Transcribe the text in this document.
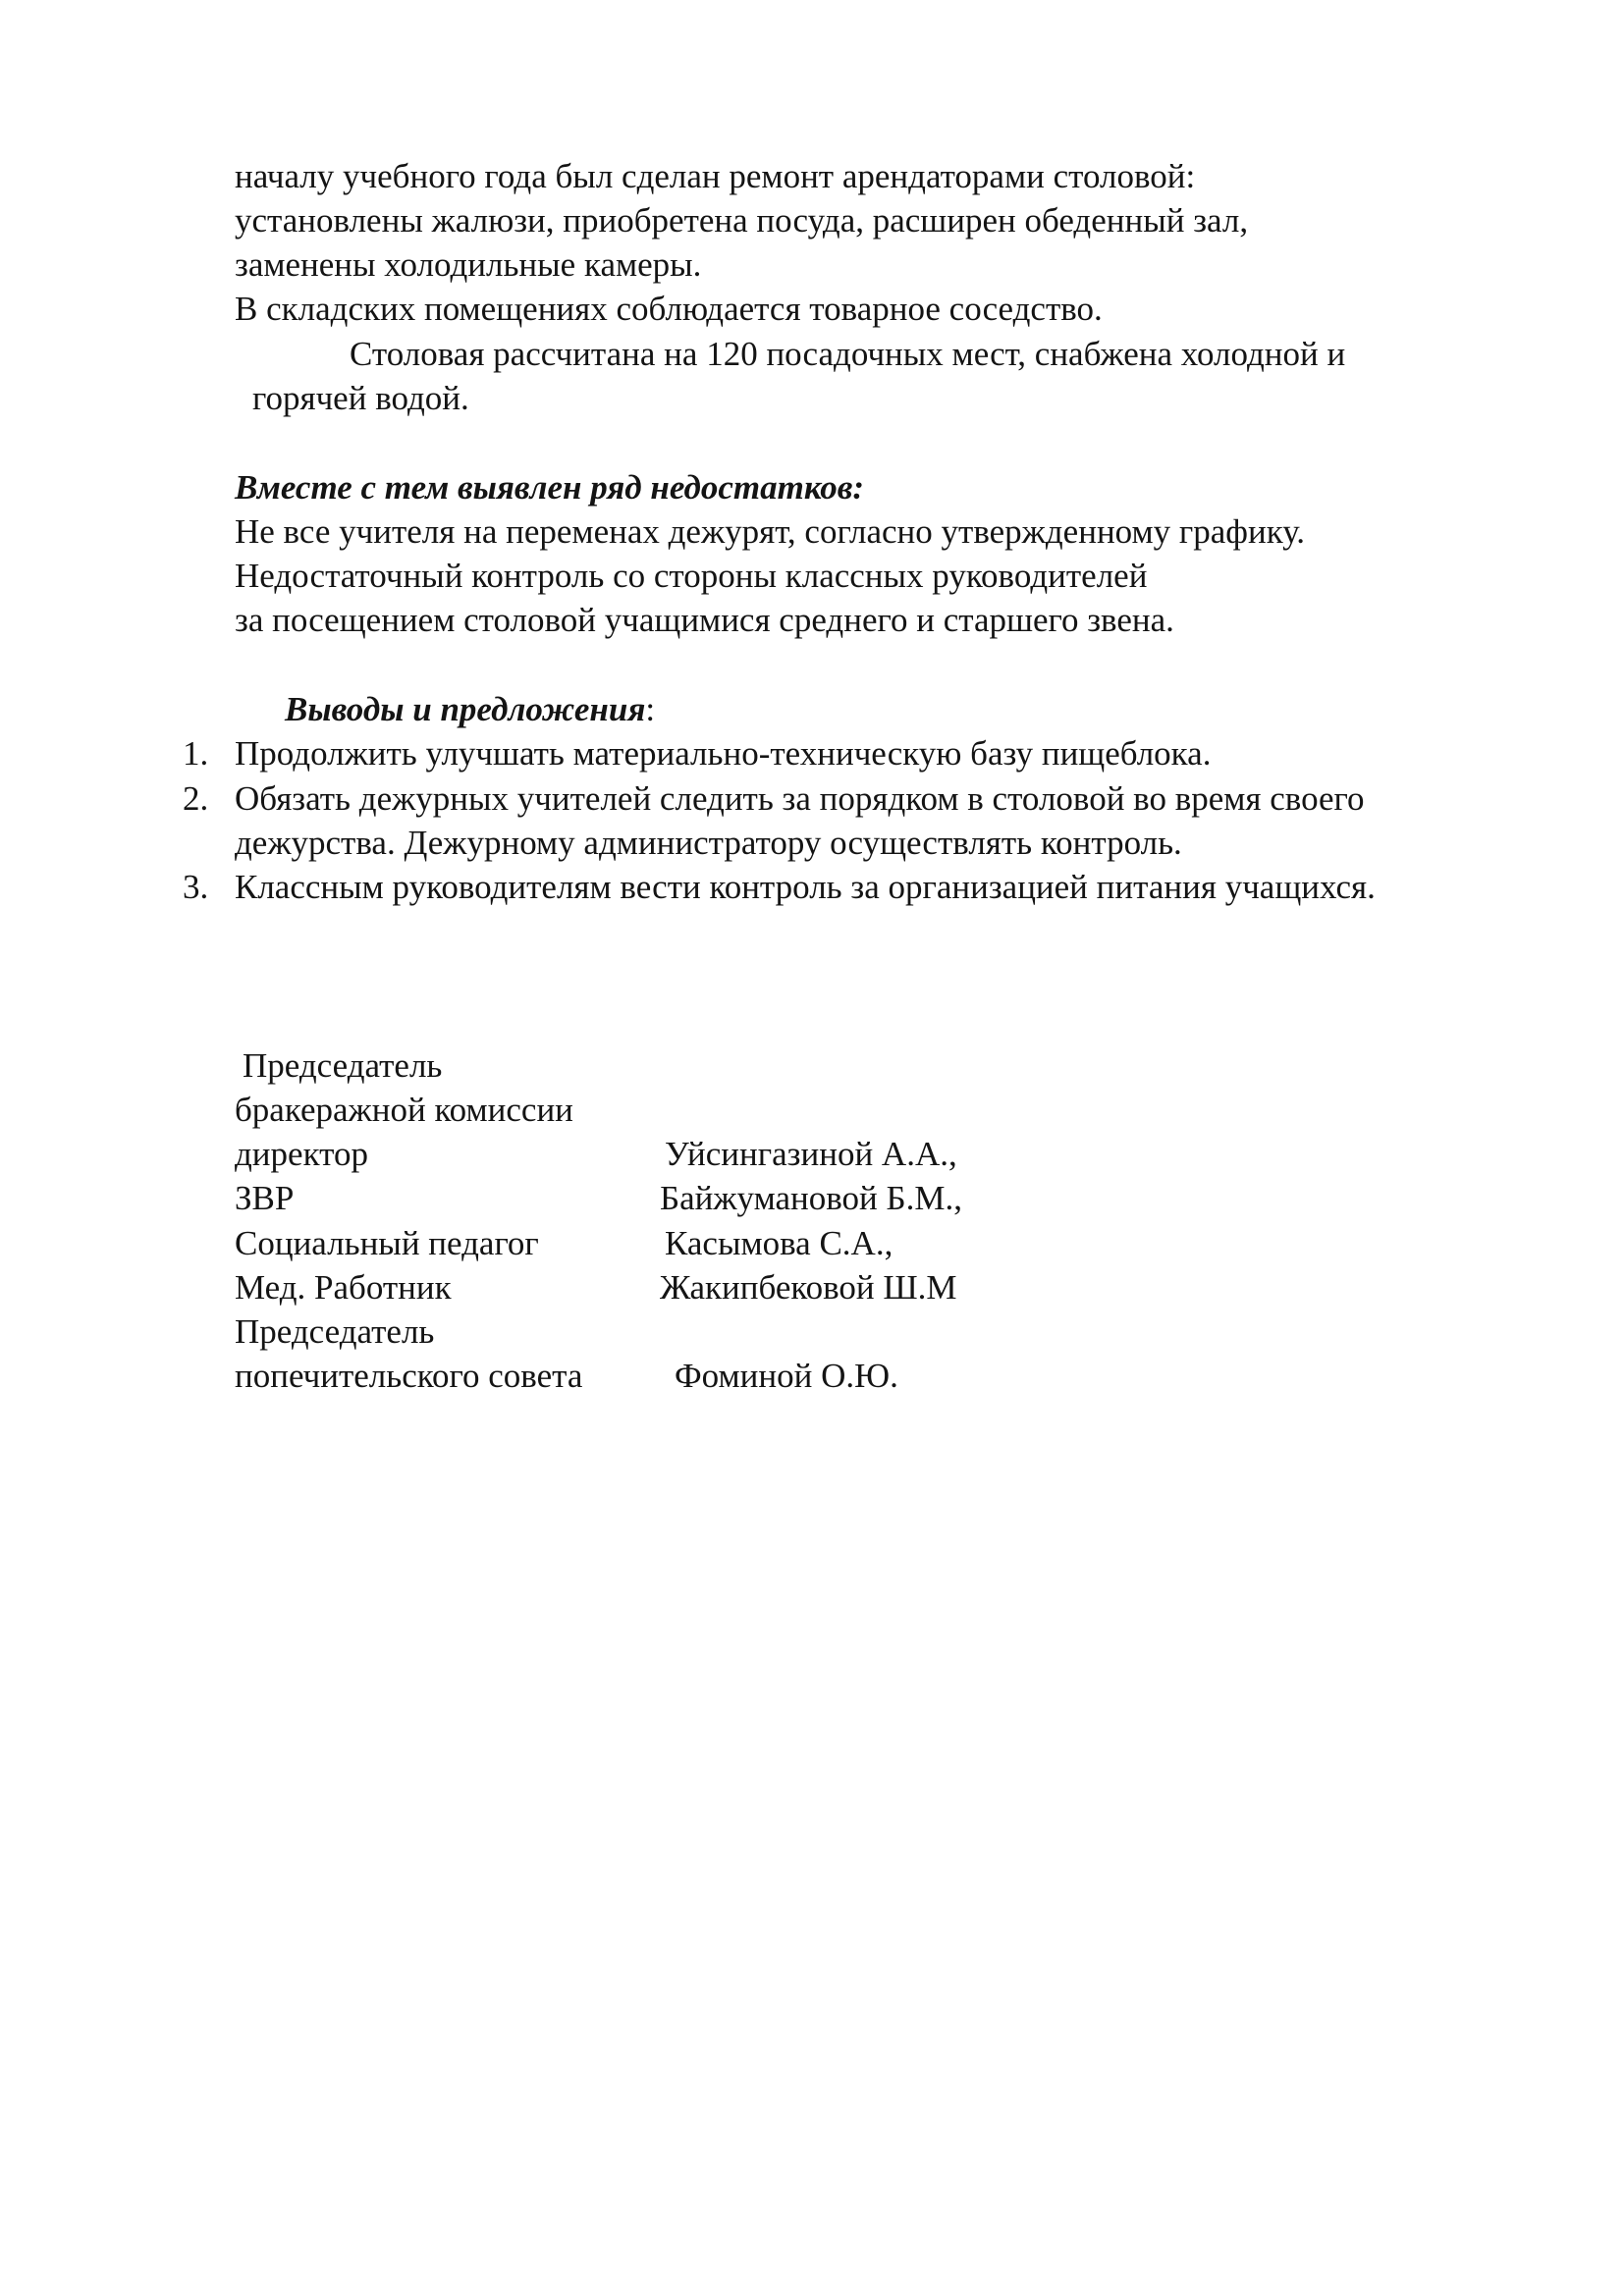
началу учебного года был сделан ремонт арендаторами столовой:
установлены жалюзи, приобретена посуда, расширен обеденный зал,
заменены холодильные камеры.
В складских помещениях соблюдается товарное соседство.
Столовая рассчитана на 120 посадочных мест, снабжена холодной и
горячей водой.
Вместе с тем выявлен ряд недостатков:
Не все учителя на переменах дежурят, согласно утвержденному графику.
Недостаточный контроль со стороны классных руководителей
за посещением столовой учащимися среднего и старшего звена.
Выводы и предложения:
1. Продолжить улучшать материально-техническую базу пищеблока.
2. Обязать дежурных учителей следить за порядком в столовой во время своего
дежурства. Дежурному администратору осуществлять контроль.
3. Классным руководителям вести контроль за организацией питания учащихся.
Председатель
бракеражной комиссии
директор	Уйсингазиной А.А.,
ЗВР	Байжумановой Б.М.,
Социальный педагог	Касымова С.А.,
Мед. Работник	Жакипбековой Ш.М
Председатель
попечительского совета	Фоминой О.Ю.
